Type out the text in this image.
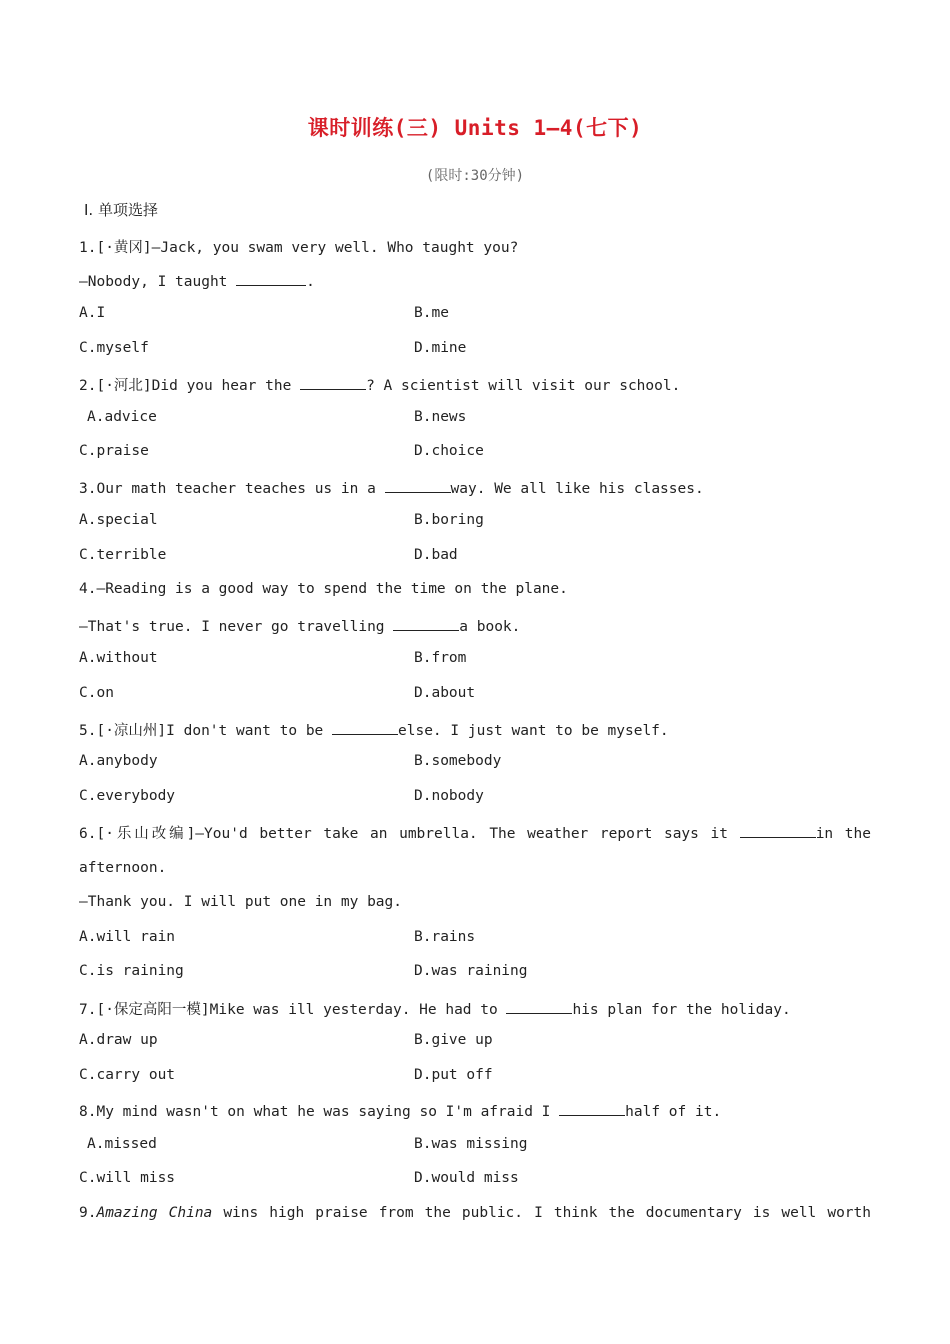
课时训练(三) Units 1—4(七下)
(限时:30分钟)
Ⅰ. 单项选择
1.[·黄冈]—Jack, you swam very well. Who taught you?
—Nobody, I taught	.
A.I	B.me
C.myself	D.mine
2.[·河北]Did you hear the	? A scientist will visit our school.
A.advice	B.news
C.praise	D.choice
3.Our math teacher teaches us in a	way. We all like his classes.
A.special	B.boring
C.terrible	D.bad
4.—Reading is a good way to spend the time on the plane.
—That's true. I never go travelling	a book.
A.without	B.from
C.on	D.about
5.[·凉山州]I don't want to be	else. I just want to be myself.
A.anybody	B.somebody
C.everybody	D.nobody
6.[·乐山改编]—You'd better take an umbrella. The weather report says it	in the
afternoon.
—Thank you. I will put one in my bag.
A.will rain	B.rains
C.is raining	D.was raining
7.[·保定高阳一模]Mike was ill yesterday. He had to	his plan for the holiday.
A.draw up	B.give up
C.carry out	D.put off
8.My mind wasn't on what he was saying so I'm afraid I	half of it.
A.missed	B.was missing
C.will miss	D.would miss
9.Amazing China wins high praise from the public. I think the documentary is well worth
